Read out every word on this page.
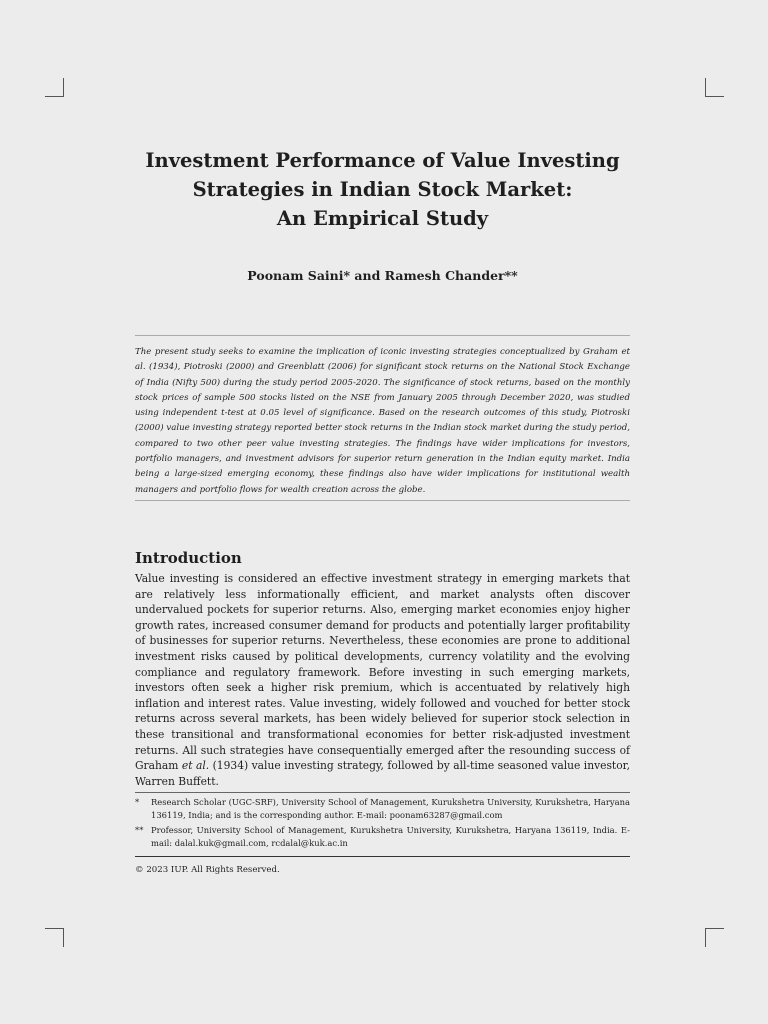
Investment Performance of Value Investing
Strategies in Indian Stock Market:
An Empirical Study
Poonam Saini* and Ramesh Chander**
The present study seeks to examine the implication of iconic investing strategies conceptualized by Graham et al. (1934), Piotroski (2000) and Greenblatt (2006) for significant stock returns on the National Stock Exchange of India (Nifty 500) during the study period 2005-2020. The significance of stock returns, based on the monthly stock prices of sample 500 stocks listed on the NSE from January 2005 through December 2020, was studied using independent t-test at 0.05 level of significance. Based on the research outcomes of this study, Piotroski (2000) value investing strategy reported better stock returns in the Indian stock market during the study period, compared to two other peer value investing strategies. The findings have wider implications for investors, portfolio managers, and investment advisors for superior return generation in the Indian equity market. India being a large-sized emerging economy, these findings also have wider implications for institutional wealth managers and portfolio flows for wealth creation across the globe.
Introduction
Value investing is considered an effective investment strategy in emerging markets that are relatively less informationally efficient, and market analysts often discover undervalued pockets for superior returns. Also, emerging market economies enjoy higher growth rates, increased consumer demand for products and potentially larger profitability of businesses for superior returns. Nevertheless, these economies are prone to additional investment risks caused by political developments, currency volatility and the evolving compliance and regulatory framework. Before investing in such emerging markets, investors often seek a higher risk premium, which is accentuated by relatively high inflation and interest rates. Value investing, widely followed and vouched for better stock returns across several markets, has been widely believed for superior stock selection in these transitional and transformational economies for better risk-adjusted investment returns. All such strategies have consequentially emerged after the resounding success of Graham et al. (1934) value investing strategy, followed by all-time seasoned value investor, Warren Buffett.
*	Research Scholar (UGC-SRF), University School of Management, Kurukshetra University, Kurukshetra, Haryana 136119, India; and is the corresponding author. E-mail: poonam63287@gmail.com
** Professor, University School of Management, Kurukshetra University, Kurukshetra, Haryana 136119, India. E-mail: dalal.kuk@gmail.com, rcdalal@kuk.ac.in
© 2023 IUP. All Rights Reserved.
